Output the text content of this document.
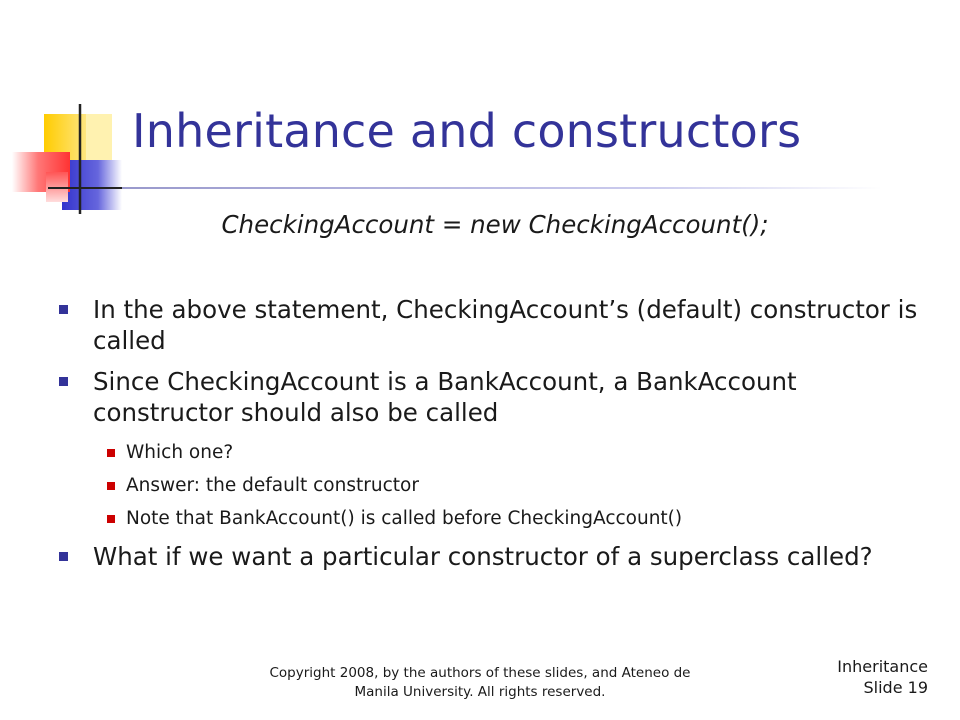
Inheritance and constructors
CheckingAccount = new CheckingAccount();
In the above statement, CheckingAccount’s (default) constructor is called
Since CheckingAccount is a BankAccount, a BankAccount constructor should also be called
Which one?
Answer: the default constructor
Note that BankAccount() is called before CheckingAccount()
What if we want a particular constructor of a superclass called?
Copyright 2008, by the authors of these slides, and Ateneo de
Manila University. All rights reserved.
Inheritance
Slide 19
